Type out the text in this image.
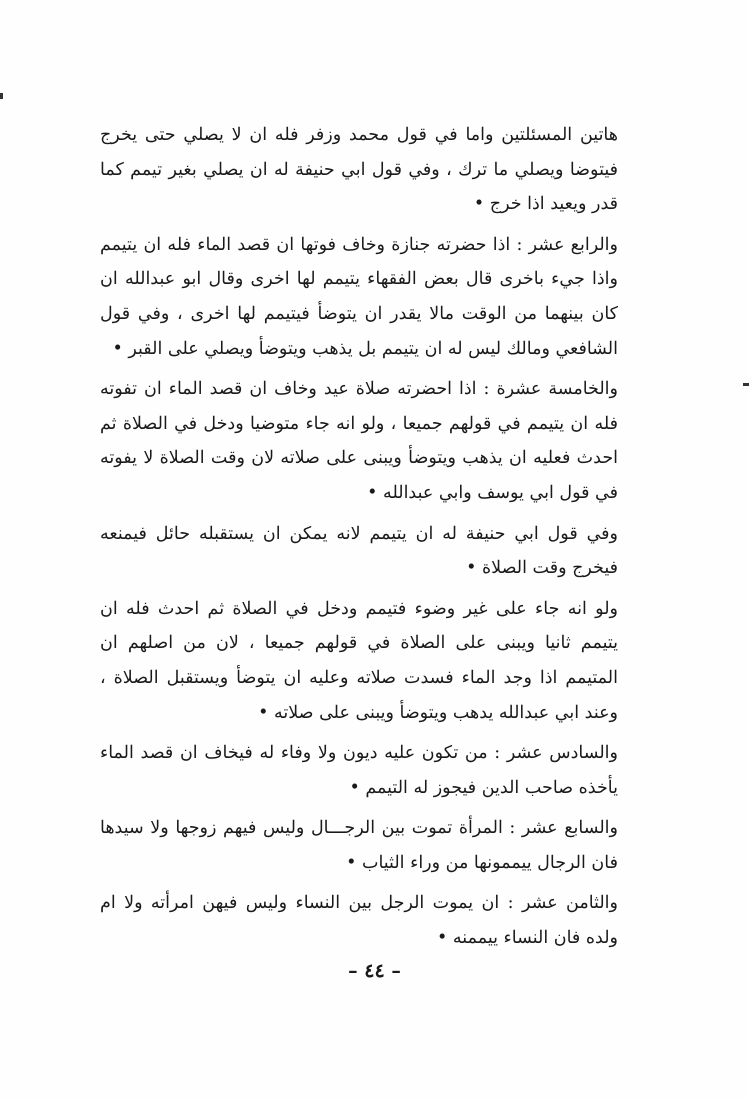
هاتين المسئلتين واما في قول محمد وزفر فله ان لا يصلي حتى يخرج فيتوضا ويصلي ما ترك ، وفي قول ابي حنيفة له ان يصلي بغير تيمم كما قدر ويعيد اذا خرج •

والرابع عشر : اذا حضرته جنازة وخاف فوتها ان قصد الماء فله ان يتيمم واذا جيء باخرى قال بعض الفقهاء يتيمم لها اخرى وقال ابو عبدالله ان كان بينهما من الوقت مالا يقدر ان يتوضأ فيتيمم لها اخرى ، وفي قول الشافعي ومالك ليس له ان يتيمم بل يذهب ويتوضأ ويصلي على القبر •

والخامسة عشرة : اذا احضرته صلاة عيد وخاف ان قصد الماء ان تفوته فله ان يتيمم في قولهم جميعا ، ولو انه جاء متوضيا ودخل في الصلاة ثم احدث فعليه ان يذهب ويتوضأ ويبنى على صلاته لان وقت الصلاة لا يفوته في قول ابي يوسف وابي عبدالله •

وفي قول ابي حنيفة له ان يتيمم لانه يمكن ان يستقبله حائل فيمنعه فيخرج وقت الصلاة •

ولو انه جاء على غير وضوء فتيمم ودخل في الصلاة ثم احدث فله ان يتيمم ثانيا ويبنى على الصلاة في قولهم جميعا ، لان من اصلهم ان المتيمم اذا وجد الماء فسدت صلاته وعليه ان يتوضأ ويستقبل الصلاة ، وعند ابي عبدالله يدهب ويتوضأ ويبنى على صلاته •

والسادس عشر : من تكون عليه ديون ولا وفاء له فيخاف ان قصد الماء يأخذه صاحب الدين فيجوز له التيمم •

والسابع عشر : المرأة تموت بين الرجـــال وليس فيهم زوجها ولا سيدها فان الرجال ييممونها من وراء الثياب •

والثامن عشر : ان يموت الرجل بين النساء وليس فيهن امرأته ولا ام ولده فان النساء ييممنه •

– ٤٤ –
